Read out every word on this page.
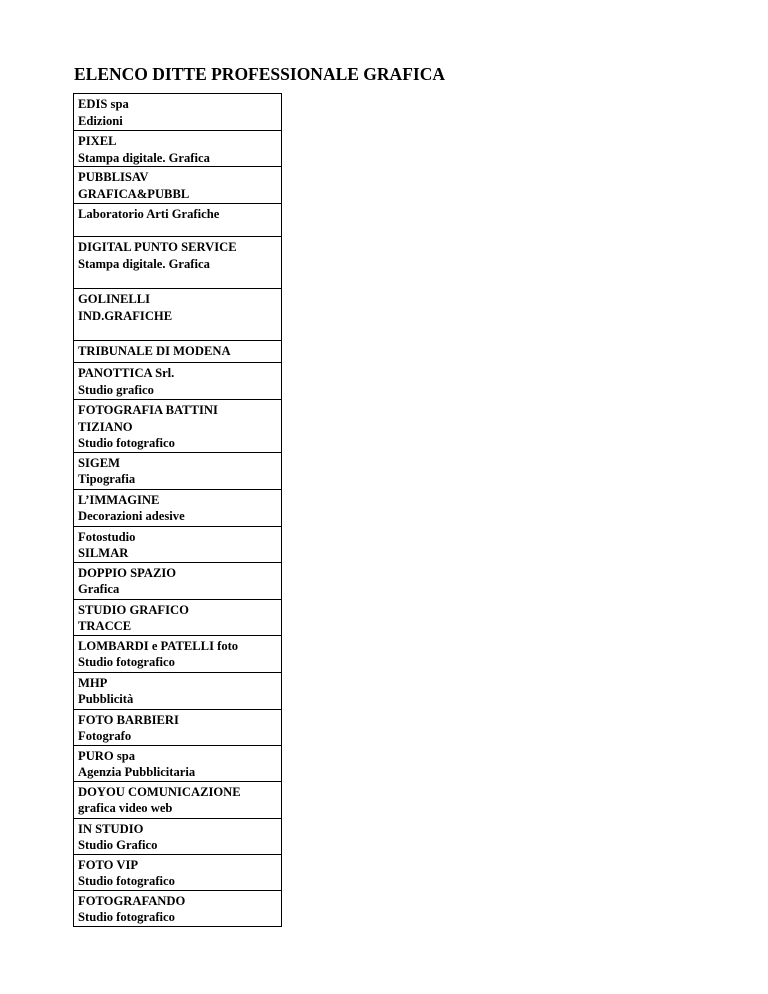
ELENCO DITTE PROFESSIONALE GRAFICA
EDIS spa
Edizioni

PIXEL
Stampa digitale. Grafica

PUBBLISAV
GRAFICA&PUBBL

Laboratorio Arti Grafiche

DIGITAL PUNTO SERVICE
Stampa digitale. Grafica

GOLINELLI
IND.GRAFICHE

TRIBUNALE DI MODENA

PANOTTICA Srl.
Studio grafico

FOTOGRAFIA BATTINI
TIZIANO
Studio fotografico

SIGEM
Tipografia

L’IMMAGINE
Decorazioni adesive

Fotostudio
SILMAR

DOPPIO SPAZIO
Grafica

STUDIO GRAFICO
TRACCE

LOMBARDI e PATELLI foto
Studio fotografico

MHP
Pubblicità

FOTO BARBIERI
Fotografo

PURO spa
Agenzia Pubblicitaria

DOYOU COMUNICAZIONE
grafica video web

IN STUDIO
Studio Grafico

FOTO VIP
Studio fotografico

FOTOGRAFANDO
Studio fotografico
